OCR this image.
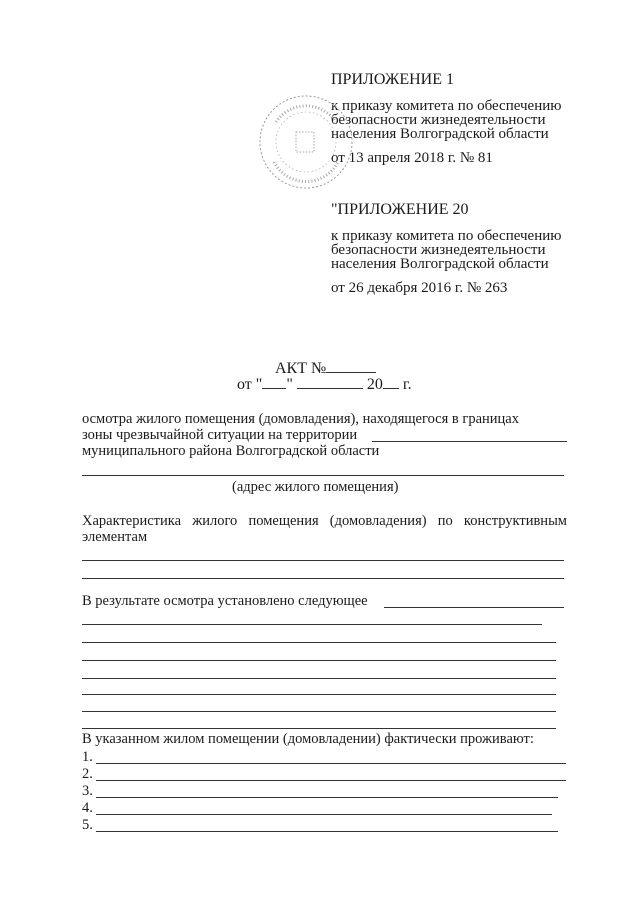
ПРИЛОЖЕНИЕ 1
к приказу комитета по обеспечению
безопасности жизнедеятельности
населения Волгоградской области
от 13 апреля 2018 г. № 81
"ПРИЛОЖЕНИЕ 20
к приказу комитета по обеспечению
безопасности жизнедеятельности
населения Волгоградской области
от 26 декабря 2016 г. № 263
АКТ №
от " "	20 г.
осмотра жилого помещения (домовладения), находящегося в границах
зоны чрезвычайной ситуации на территории
муниципального района Волгоградской области
(адрес жилого помещения)
Характеристика жилого помещения (домовладения) по конструктивным
элементам
В результате осмотра установлено следующее
В указанном жилом помещении (домовладении) фактически проживают:
1.
2.
3.
4.
5.
